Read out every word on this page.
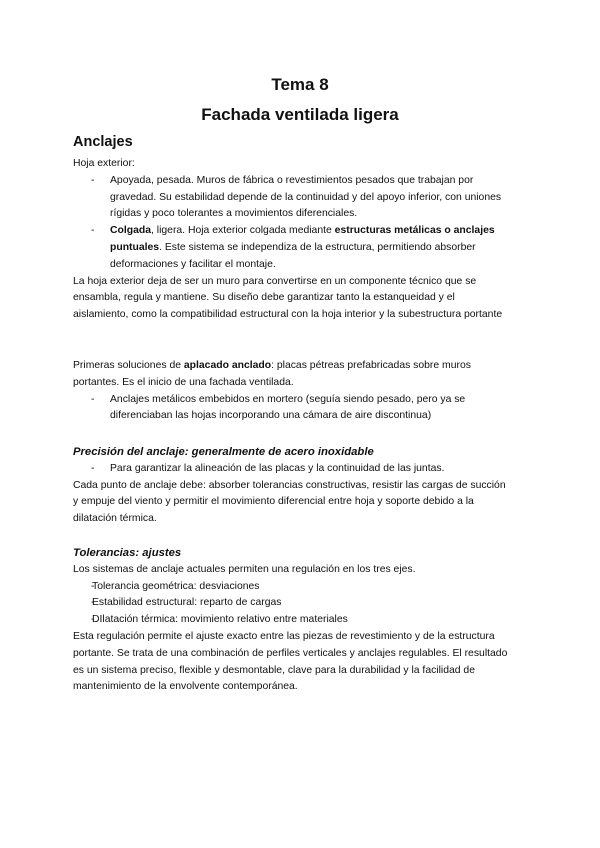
Tema 8
Fachada ventilada ligera
Anclajes

Hoja exterior:

- Apoyada, pesada. Muros de fábrica o revestimientos pesados que trabajan por gravedad. Su estabilidad depende de la continuidad y del apoyo inferior, con uniones rígidas y poco tolerantes a movimientos diferenciales.
- Colgada, ligera. Hoja exterior colgada mediante estructuras metálicas o anclajes puntuales. Este sistema se independiza de la estructura, permitiendo absorber deformaciones y facilitar el montaje.

La hoja exterior deja de ser un muro para convertirse en un componente técnico que se ensambla, regula y mantiene. Su diseño debe garantizar tanto la estanqueidad y el aislamiento, como la compatibilidad estructural con la hoja interior y la subestructura portante

Primeras soluciones de aplacado anclado: placas pétreas prefabricadas sobre muros portantes. Es el inicio de una fachada ventilada.

- Anclajes metálicos embebidos en mortero (seguía siendo pesado, pero ya se diferenciaban las hojas incorporando una cámara de aire discontinua)

Precisión del anclaje: generalmente de acero inoxidable

- Para garantizar la alineación de las placas y la continuidad de las juntas.

Cada punto de anclaje debe: absorber tolerancias constructivas, resistir las cargas de succión y empuje del viento y permitir el movimiento diferencial entre hoja y soporte debido a la dilatación térmica.

Tolerancias: ajustes

Los sistemas de anclaje actuales permiten una regulación en los tres ejes.

- Tolerancia geométrica: desviaciones
- Estabilidad estructural: reparto de cargas
- DIlatación térmica: movimiento relativo entre materiales

Esta regulación permite el ajuste exacto entre las piezas de revestimiento y de la estructura portante. Se trata de una combinación de perfiles verticales y anclajes regulables. El resultado es un sistema preciso, flexible y desmontable, clave para la durabilidad y la facilidad de mantenimiento de la envolvente contemporánea.
